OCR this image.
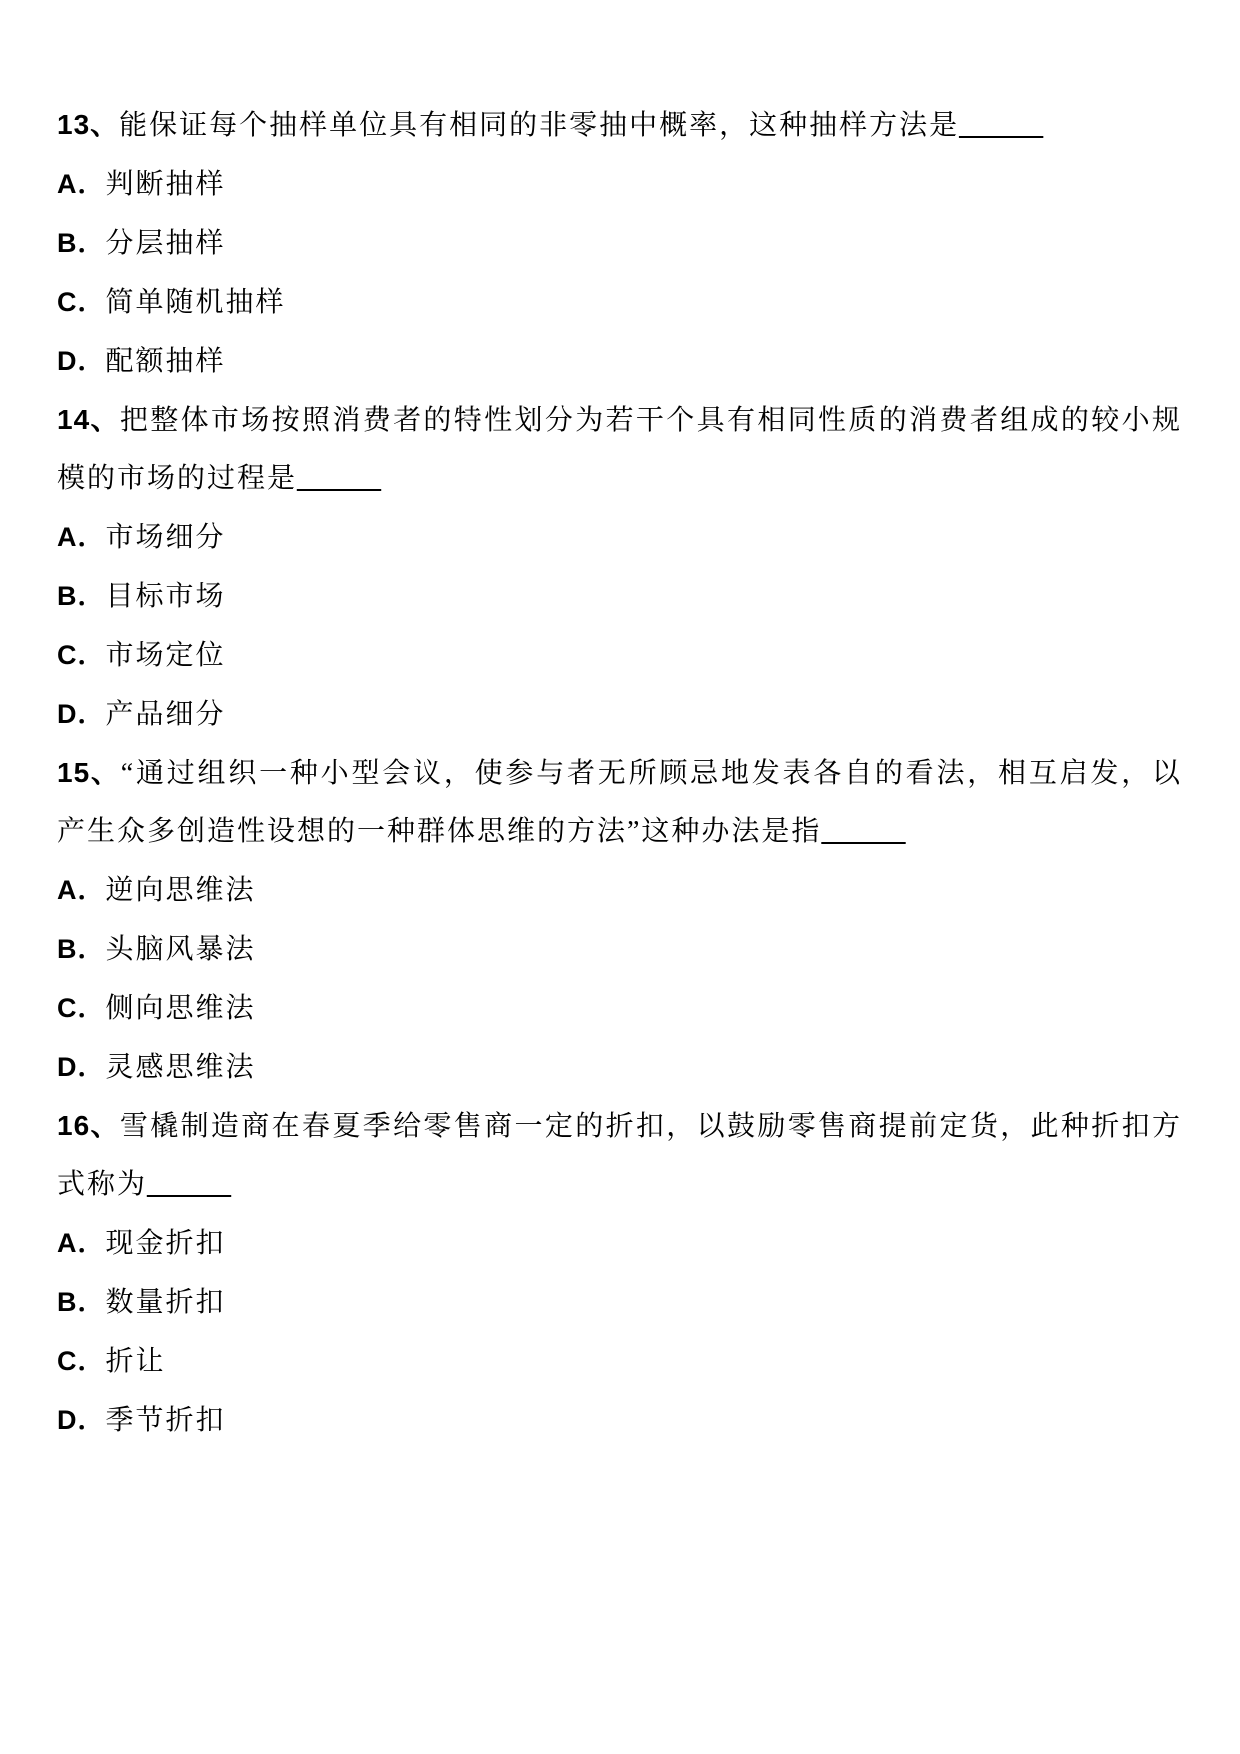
13、能保证每个抽样单位具有相同的非零抽中概率，这种抽样方法是______

A．判断抽样

B．分层抽样

C．简单随机抽样

D．配额抽样

14、把整体市场按照消费者的特性划分为若干个具有相同性质的消费者组成的较小规模的市场的过程是______

A．市场细分

B．目标市场

C．市场定位

D．产品细分

15、“通过组织一种小型会议，使参与者无所顾忌地发表各自的看法，相互启发，以产生众多创造性设想的一种群体思维的方法”这种办法是指______

A．逆向思维法

B．头脑风暴法

C．侧向思维法

D．灵感思维法

16、雪橇制造商在春夏季给零售商一定的折扣，以鼓励零售商提前定货，此种折扣方式称为______

A．现金折扣

B．数量折扣

C．折让

D．季节折扣
